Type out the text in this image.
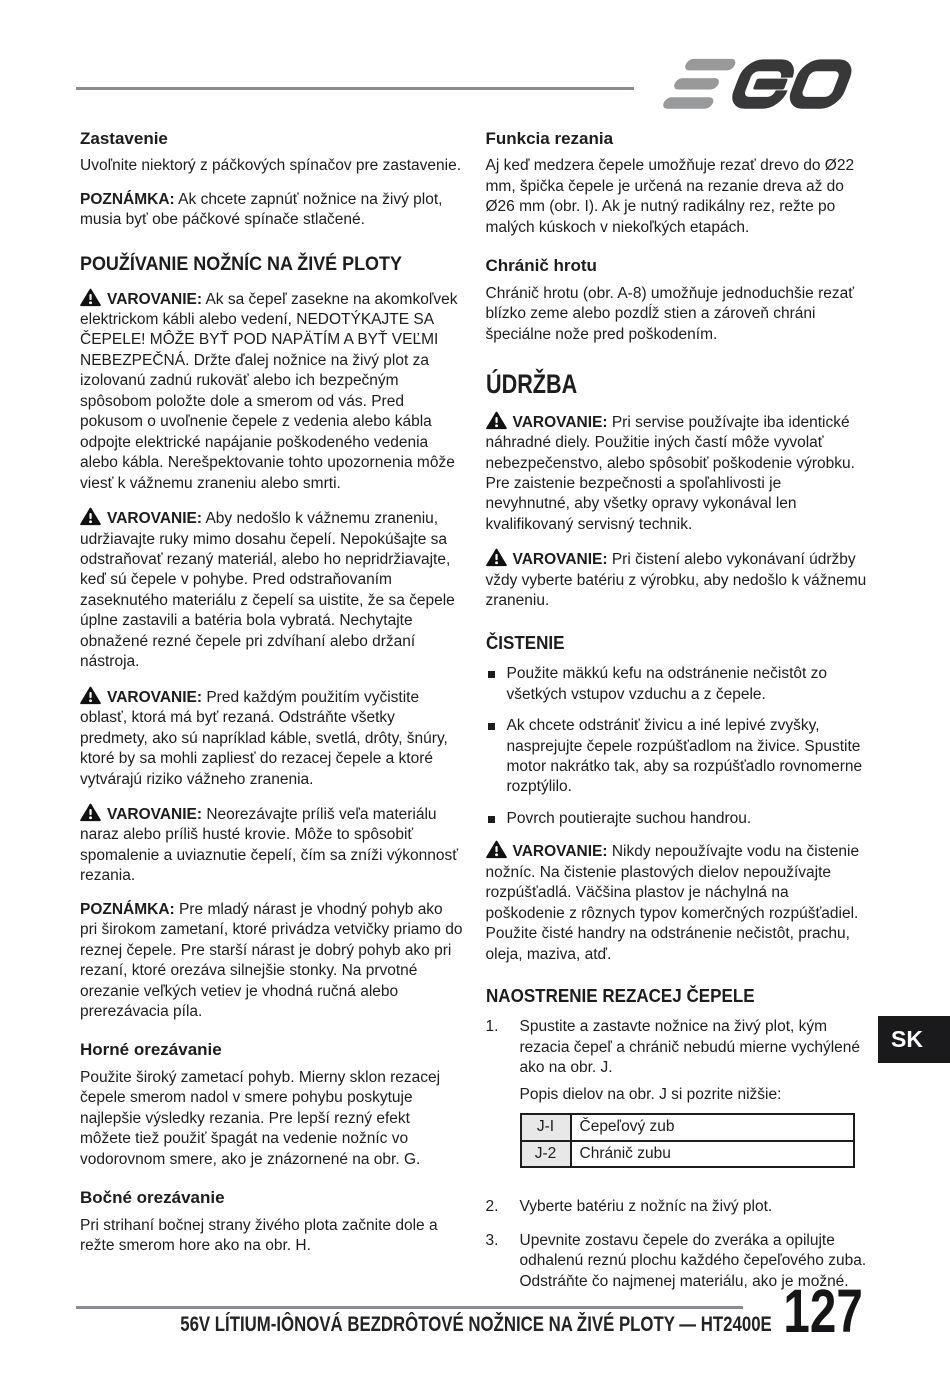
Zastavenie

Uvoľnite niektorý z páčkových spínačov pre zastavenie.

POZNÁMKA: Ak chcete zapnúť nožnice na živý plot, musia byť obe páčkové spínače stlačené.

POUŽÍVANIE NOŽNÍC NA ŽIVÉ PLOTY

VAROVANIE: Ak sa čepeľ zasekne na akomkoľvek elektrickom kábli alebo vedení, NEDOTÝKAJTE SA ČEPELE! MÔŽE BYŤ POD NAPÄTÍM A BYŤ VEĽMI NEBEZPEČNÁ. Držte ďalej nožnice na živý plot za izolovanú zadnú rukoväť alebo ich bezpečným spôsobom položte dole a smerom od vás. Pred pokusom o uvoľnenie čepele z vedenia alebo kábla odpojte elektrické napájanie poškodeného vedenia alebo kábla. Nerešpektovanie tohto upozornenia môže viesť k vážnemu zraneniu alebo smrti.

VAROVANIE: Aby nedošlo k vážnemu zraneniu, udržiavajte ruky mimo dosahu čepelí. Nepokúšajte sa odstraňovať rezaný materiál, alebo ho nepridržiavajte, keď sú čepele v pohybe. Pred odstraňovaním zaseknutého materiálu z čepelí sa uistite, že sa čepele úplne zastavili a batéria bola vybratá. Nechytajte obnažené rezné čepele pri zdvíhaní alebo držaní nástroja.

VAROVANIE: Pred každým použitím vyčistite oblasť, ktorá má byť rezaná. Odstráňte všetky predmety, ako sú napríklad káble, svetlá, drôty, šnúry, ktoré by sa mohli zapliesť do rezacej čepele a ktoré vytvárajú riziko vážneho zranenia.

VAROVANIE: Neorezávajte príliš veľa materiálu naraz alebo príliš husté krovie. Môže to spôsobiť spomalenie a uviaznutie čepelí, čím sa zníži výkonnosť rezania.

POZNÁMKA: Pre mladý nárast je vhodný pohyb ako pri širokom zametaní, ktoré privádza vetvičky priamo do reznej čepele. Pre starší nárast je dobrý pohyb ako pri rezaní, ktoré orezáva silnejšie stonky. Na prvotné orezanie veľkých vetiev je vhodná ručná alebo prerezávacia píla.

Horné orezávanie

Použite široký zametací pohyb. Mierny sklon rezacej čepele smerom nadol v smere pohybu poskytuje najlepšie výsledky rezania. Pre lepší rezný efekt môžete tiež použiť špagát na vedenie nožníc vo vodorovnom smere, ako je znázornené na obr. G.

Bočné orezávanie

Pri strihaní bočnej strany živého plota začnite dole a režte smerom hore ako na obr. H.

Funkcia rezania

Aj keď medzera čepele umožňuje rezať drevo do Ø22 mm, špička čepele je určená na rezanie dreva až do Ø26 mm (obr. I). Ak je nutný radikálny rez, režte po malých kúskoch v niekoľkých etapách.

Chránič hrotu

Chránič hrotu (obr. A-8) umožňuje jednoduchšie rezať blízko zeme alebo pozdĺž stien a zároveň chráni špeciálne nože pred poškodením.

ÚDRŽBA

VAROVANIE: Pri servise používajte iba identické náhradné diely. Použitie iných častí môže vyvolať nebezpečenstvo, alebo spôsobiť poškodenie výrobku. Pre zaistenie bezpečnosti a spoľahlivosti je nevyhnutné, aby všetky opravy vykonával len kvalifikovaný servisný technik.

VAROVANIE: Pri čistení alebo vykonávaní údržby vždy vyberte batériu z výrobku, aby nedošlo k vážnemu zraneniu.

ČISTENIE
Použite mäkkú kefu na odstránenie nečistôt zo všetkých vstupov vzduchu a z čepele.
Ak chcete odstrániť živicu a iné lepivé zvyšky, nasprejujte čepele rozpúšťadlom na živice. Spustite motor nakrátko tak, aby sa rozpúšťadlo rovnomerne rozptýlilo.
Povrch poutierajte suchou handrou.

VAROVANIE: Nikdy nepoužívajte vodu na čistenie nožníc. Na čistenie plastových dielov nepoužívajte rozpúšťadlá. Väčšina plastov je náchylná na poškodenie z rôznych typov komerčných rozpúšťadiel. Použite čisté handry na odstránenie nečistôt, prachu, oleja, maziva, atď.

NAOSTRENIE REZACEJ ČEPELE
1.	Spustite a zastavte nožnice na živý plot, kým rezacia čepeľ a chránič nebudú mierne vychýlené ako na obr. J.
Popis dielov na obr. J si pozrite nižšie:
J-I	Čepeľový zub
J-2	Chránič zubu
2.	Vyberte batériu z nožníc na živý plot.
3.	Upevnite zostavu čepele do zveráka a opilujte odhalenú reznú plochu každého čepeľového zuba. Odstráňte čo najmenej materiálu, ako je možné.
SK
56V LÍTIUM-IÔNOVÁ BEZDRÔTOVÉ NOŽNICE NA ŽIVÉ PLOTY — HT2400E 127
